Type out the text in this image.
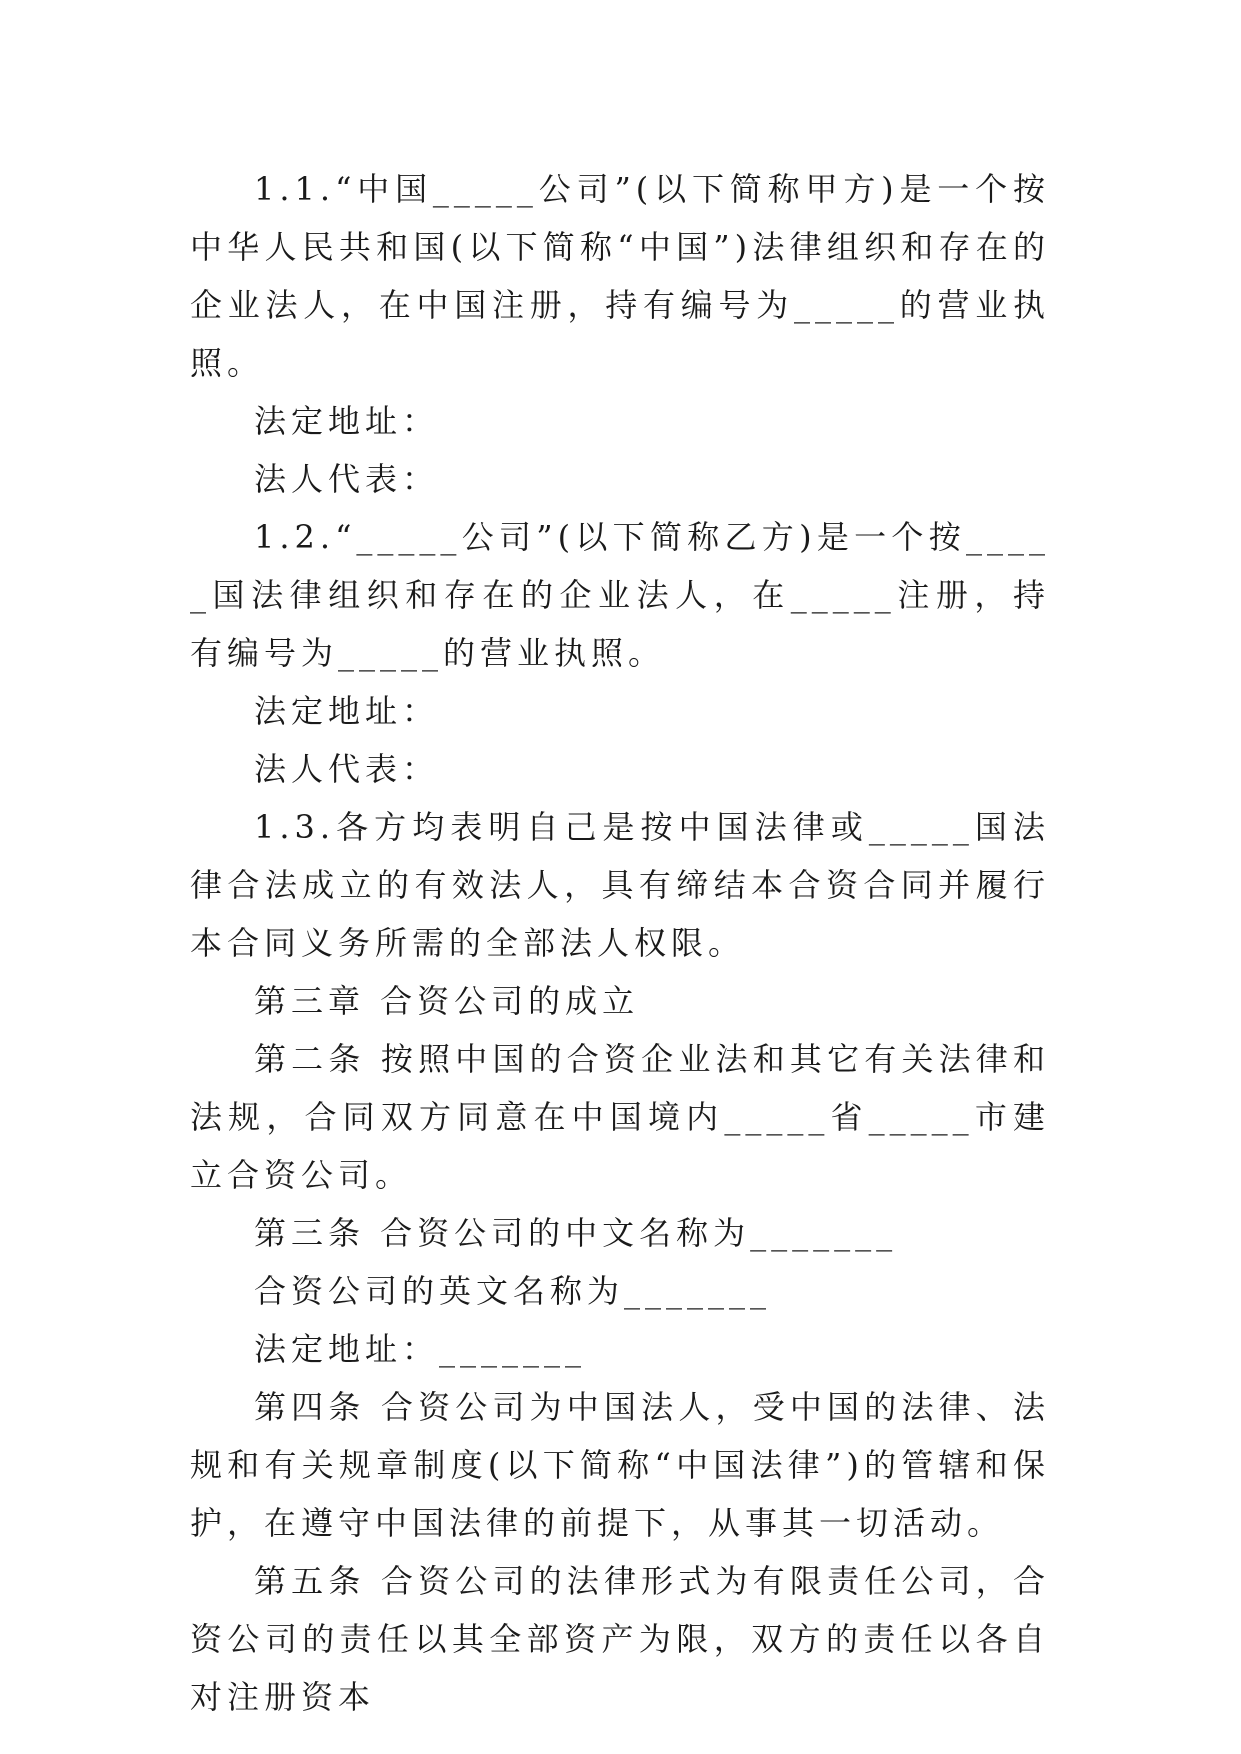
1.1.“中国_____公司”(以下简称甲方)是一个按中华人民共和国(以下简称“中国”)法律组织和存在的企业法人，在中国注册，持有编号为_____的营业执照。

法定地址：

法人代表：

1.2.“_____公司”(以下简称乙方)是一个按_____国法律组织和存在的企业法人，在_____注册，持有编号为_____的营业执照。

法定地址：

法人代表：

1.3.各方均表明自己是按中国法律或_____国法律合法成立的有效法人，具有缔结本合资合同并履行本合同义务所需的全部法人权限。

第三章 合资公司的成立

第二条 按照中国的合资企业法和其它有关法律和法规，合同双方同意在中国境内_____省_____市建立合资公司。

第三条 合资公司的中文名称为_______

合资公司的英文名称为_______

法定地址：_______

第四条 合资公司为中国法人，受中国的法律、法规和有关规章制度(以下简称“中国法律”)的管辖和保护，在遵守中国法律的前提下，从事其一切活动。

第五条 合资公司的法律形式为有限责任公司，合资公司的责任以其全部资产为限，双方的责任以各自对注册资本
